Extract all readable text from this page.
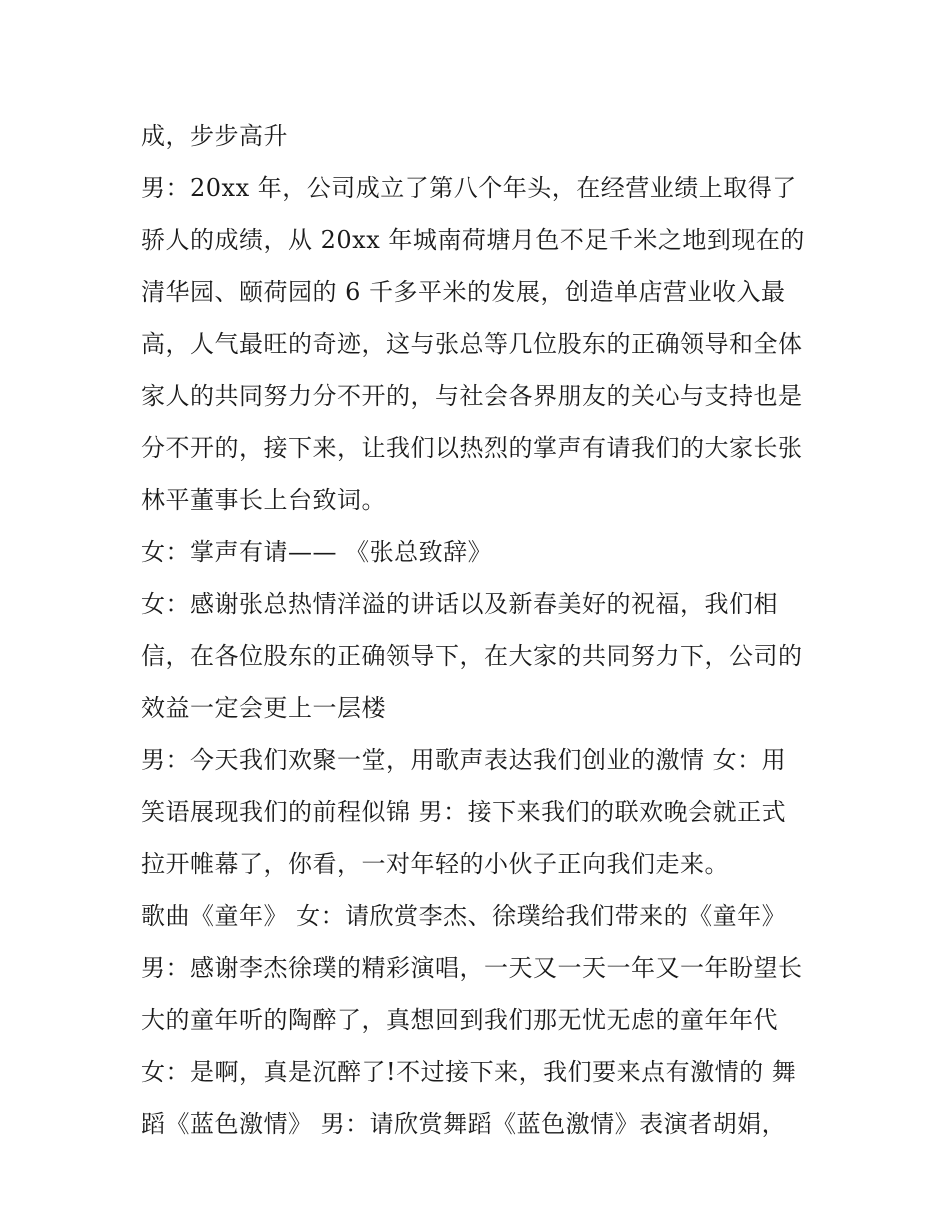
成，步步高升
男：20xx 年，公司成立了第八个年头，在经营业绩上取得了
骄人的成绩，从 20xx 年城南荷塘月色不足千米之地到现在的
清华园、颐荷园的 6 千多平米的发展，创造单店营业收入最
高，人气最旺的奇迹，这与张总等几位股东的正确领导和全体
家人的共同努力分不开的，与社会各界朋友的关心与支持也是
分不开的，接下来，让我们以热烈的掌声有请我们的大家长张
林平董事长上台致词。
女：掌声有请—— 《张总致辞》
女：感谢张总热情洋溢的讲话以及新春美好的祝福，我们相
信，在各位股东的正确领导下，在大家的共同努力下，公司的
效益一定会更上一层楼
男：今天我们欢聚一堂，用歌声表达我们创业的激情 女：用
笑语展现我们的前程似锦 男：接下来我们的联欢晚会就正式
拉开帷幕了，你看，一对年轻的小伙子正向我们走来。
歌曲《童年》 女：请欣赏李杰、徐璞给我们带来的《童年》
男：感谢李杰徐璞的精彩演唱，一天又一天一年又一年盼望长
大的童年听的陶醉了，真想回到我们那无忧无虑的童年年代
女：是啊，真是沉醉了!不过接下来，我们要来点有激情的 舞
蹈《蓝色激情》 男：请欣赏舞蹈《蓝色激情》表演者胡娟，
